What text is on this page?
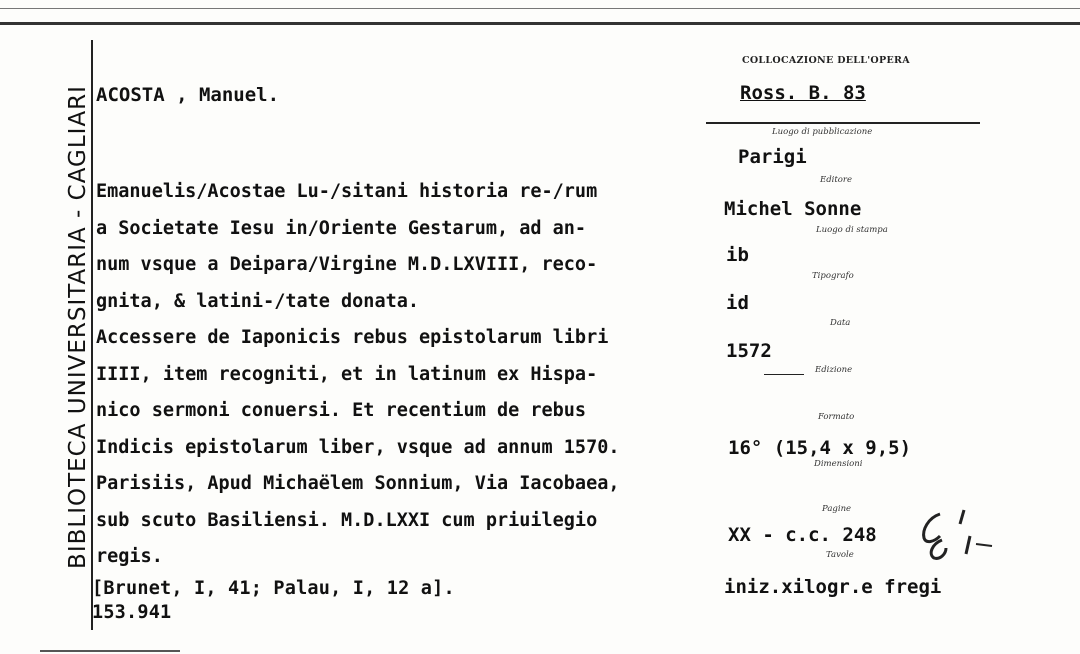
BIBLIOTECA UNIVERSITARIA - CAGLIARI ACOSTA , Manuel.

Emanuelis/Acostae Lu-/sitani historia re-/rum

a Societate Iesu in/Oriente Gestarum, ad an-

num vsque a Deipara/Virgine M.D.LXVIII, reco-

gnita, & latini-/tate donata.

Accessere de Iaponicis rebus epistolarum libri

IIII, item recogniti, et in latinum ex Hispa-

nico sermoni conuersi. Et recentium de rebus

Indicis epistolarum liber, vsque ad annum 1570.

Parisiis, Apud Michaëlem Sonnium, Via Iacobaea,

sub scuto Basiliensi. M.D.LXXI cum priuilegio

regis.

[Brunet, I, 41; Palau, I, 12 a].
153.941
COLLOCAZIONE DELL'OPERA
Ross. B. 83
Luogo di pubblicazione
Parigi
Editore
Michel Sonne
Luogo di stampa
ib
Tipografo
id
Data
1572
Edizione
Formato
16° (15,4 x 9,5)
Dimensioni
Pagine
XX - c.c. 248
Tavole
iniz.xilogr.e fregi
